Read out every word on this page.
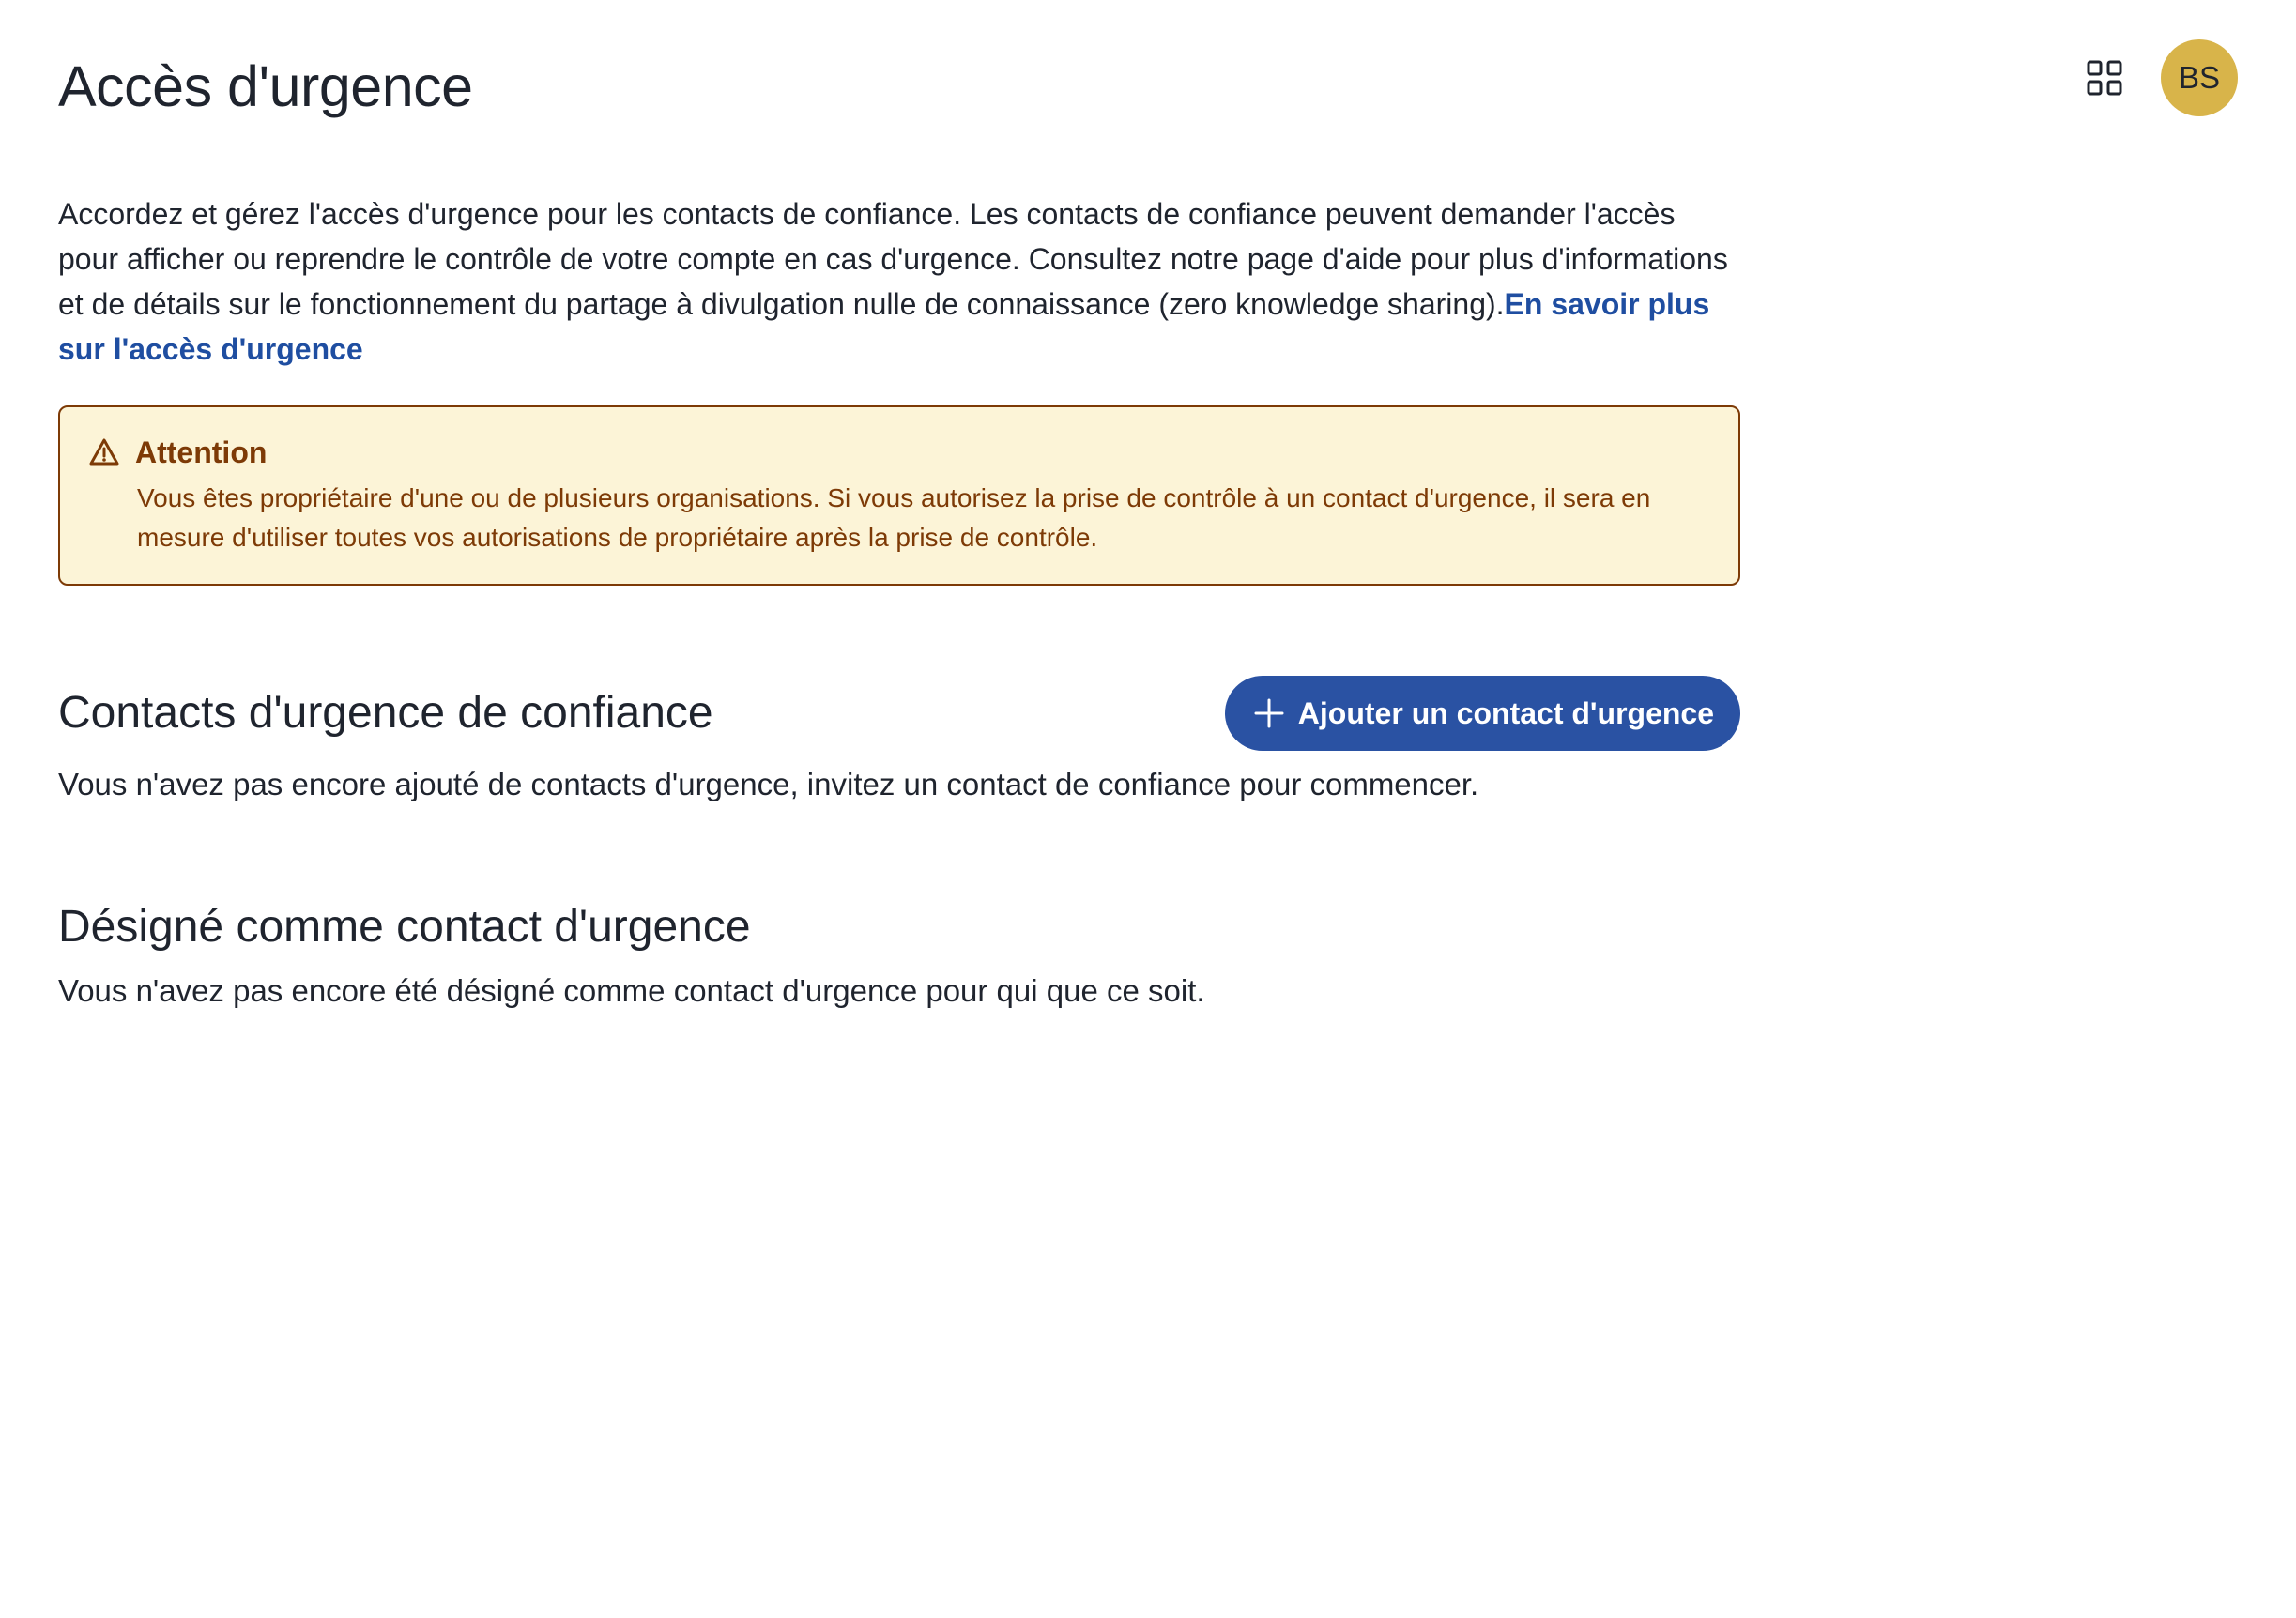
Accès d'urgence	BS

Accordez et gérez l'accès d'urgence pour les contacts de confiance. Les contacts de confiance peuvent demander l'accès pour afficher ou reprendre le contrôle de votre compte en cas d'urgence. Consultez notre page d'aide pour plus d'informations et de détails sur le fonctionnement du partage à divulgation nulle de connaissance (zero knowledge sharing).En savoir plus sur l'accès d'urgence

Attention

Vous êtes propriétaire d'une ou de plusieurs organisations. Si vous autorisez la prise de contrôle à un contact d'urgence, il sera en mesure d'utiliser toutes vos autorisations de propriétaire après la prise de contrôle.

Contacts d'urgence de confiance	Ajouter un contact d'urgence

Vous n'avez pas encore ajouté de contacts d'urgence, invitez un contact de confiance pour commencer.

Désigné comme contact d'urgence

Vous n'avez pas encore été désigné comme contact d'urgence pour qui que ce soit.
